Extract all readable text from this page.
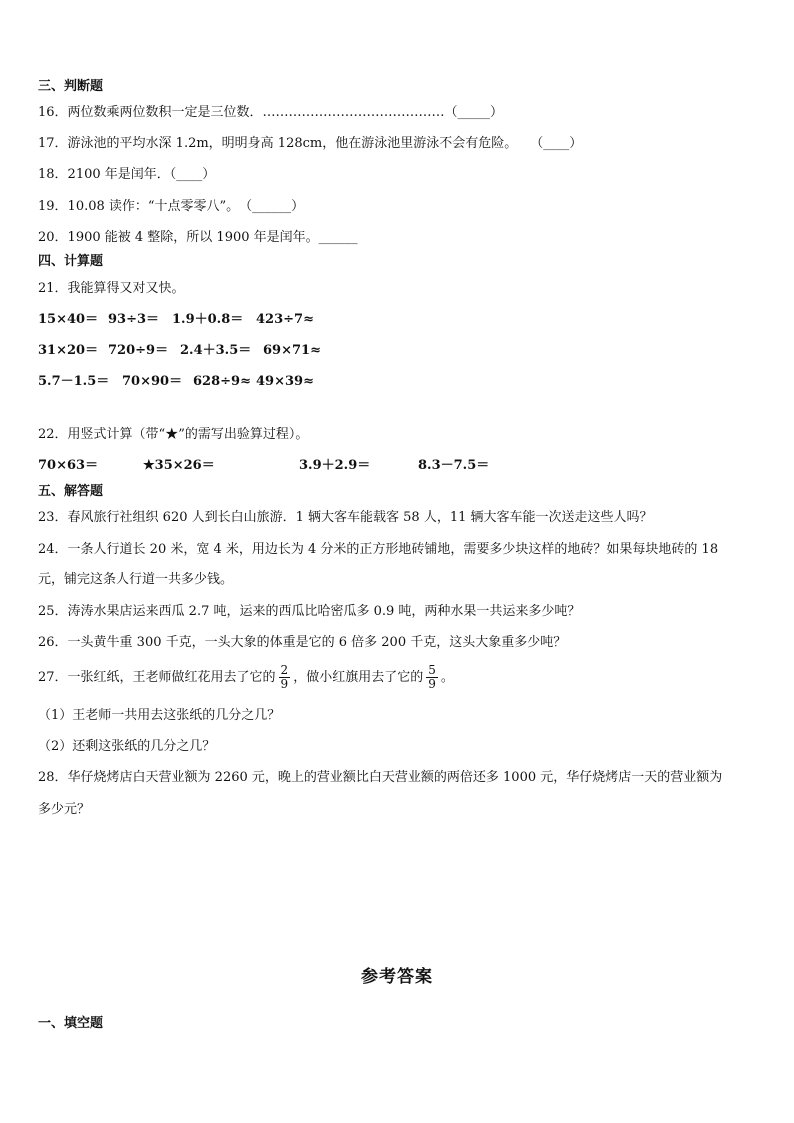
三、判断题
16．两位数乘两位数积一定是三位数．……………………………………（_____）
17．游泳池的平均水深 1.2m，明明身高 128cm，他在游泳池里游泳不会有危险。　　（____）
18．2100 年是闰年．（____）
19．10.08 读作：“十点零零八”。　（______）
20．1900 能被 4 整除，所以 1900 年是闰年。______
四、计算题
21．我能算得又对又快。
15×40＝ 93÷3＝ 1.9＋0.8＝ 423÷7≈
31×20＝ 720÷9＝ 2.4＋3.5＝ 69×71≈
5.7－1.5＝ 70×90＝ 628÷9≈ 49×39≈
22．用竖式计算（带“★”的需写出验算过程）。
70×63＝	★35×26＝	3.9＋2.9＝	8.3－7.5＝
五、解答题
23．春风旅行社组织 620 人到长白山旅游．1 辆大客车能载客 58 人，11 辆大客车能一次送走这些人吗？
24．一条人行道长 20 米，宽 4 米，用边长为 4 分米的正方形地砖铺地，需要多少块这样的地砖？如果每块地砖的 18
元，铺完这条人行道一共多少钱。
25．涛涛水果店运来西瓜 2.7 吨，运来的西瓜比哈密瓜多 0.9 吨，两种水果一共运来多少吨？
26．一头黄牛重 300 千克，一头大象的体重是它的 6 倍多 200 千克，这头大象重多少吨？
27．一张红纸，王老师做红花用去了它的 $\frac{2}{9}$ ，做小红旗用去了它的 $\frac{5}{9}$ 。
（1）王老师一共用去这张纸的几分之几？
（2）还剩这张纸的几分之几？
28．华仔烧烤店白天营业额为 2260 元，晚上的营业额比白天营业额的两倍还多 1000 元，华仔烧烤店一天的营业额为
多少元？
参考答案
一、填空题
